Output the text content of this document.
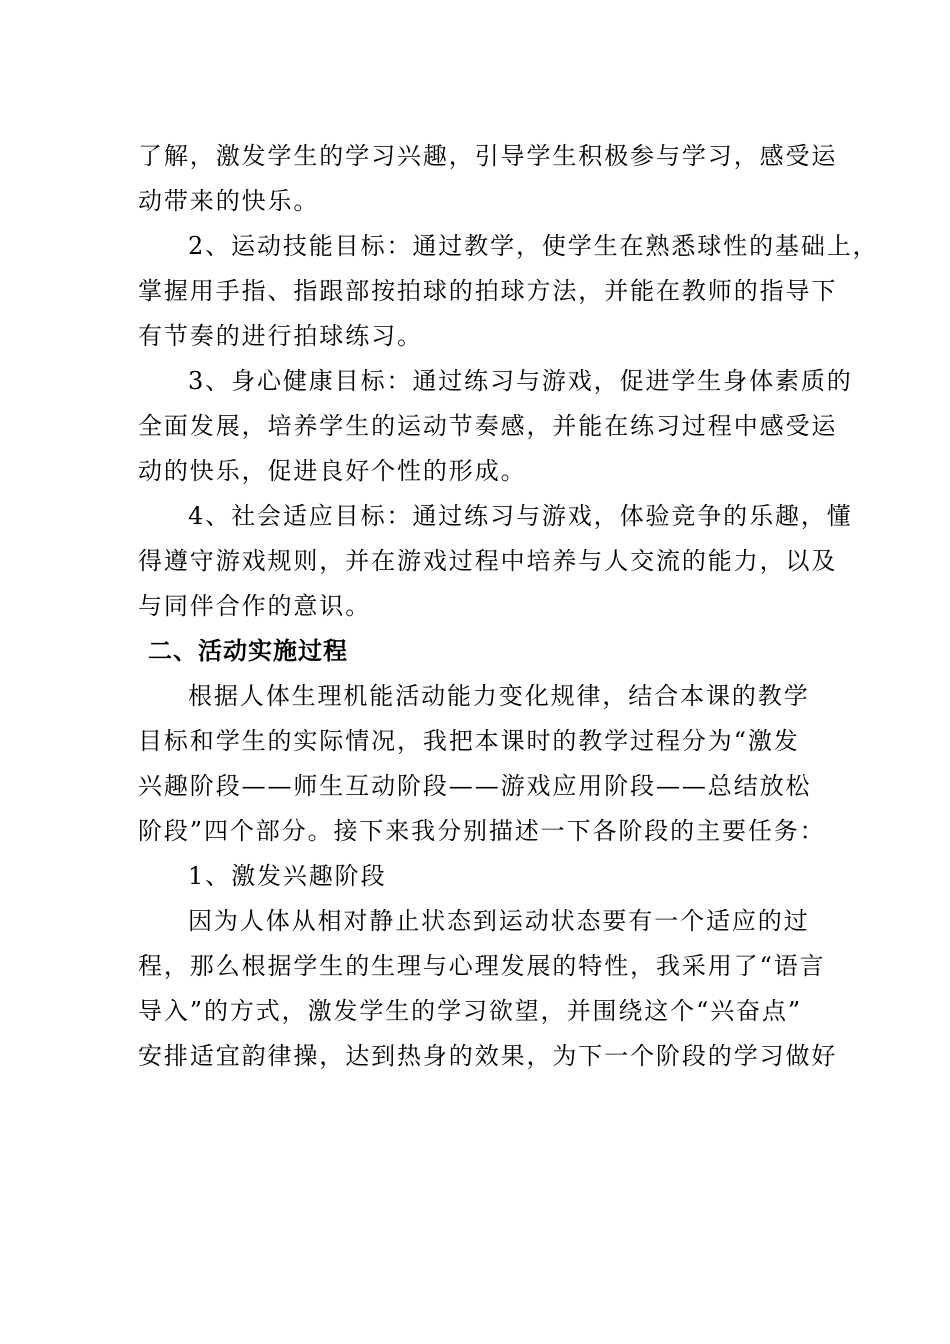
了解，激发学生的学习兴趣，引导学生积极参与学习，感受运

动带来的快乐。

2、运动技能目标：通过教学，使学生在熟悉球性的基础上，

掌握用手指、指跟部按拍球的拍球方法，并能在教师的指导下

有节奏的进行拍球练习。

3、身心健康目标：通过练习与游戏，促进学生身体素质的

全面发展，培养学生的运动节奏感，并能在练习过程中感受运

动的快乐，促进良好个性的形成。

4、社会适应目标：通过练习与游戏，体验竞争的乐趣，懂

得遵守游戏规则，并在游戏过程中培养与人交流的能力，以及

与同伴合作的意识。

二、活动实施过程

根据人体生理机能活动能力变化规律，结合本课的教学

目标和学生的实际情况，我把本课时的教学过程分为“激发

兴趣阶段——师生互动阶段——游戏应用阶段——总结放松

阶段”四个部分。接下来我分别描述一下各阶段的主要任务：

1、激发兴趣阶段

因为人体从相对静止状态到运动状态要有一个适应的过

程，那么根据学生的生理与心理发展的特性，我采用了“语言

导入”的方式，激发学生的学习欲望，并围绕这个“兴奋点”

安排适宜韵律操，达到热身的效果，为下一个阶段的学习做好
